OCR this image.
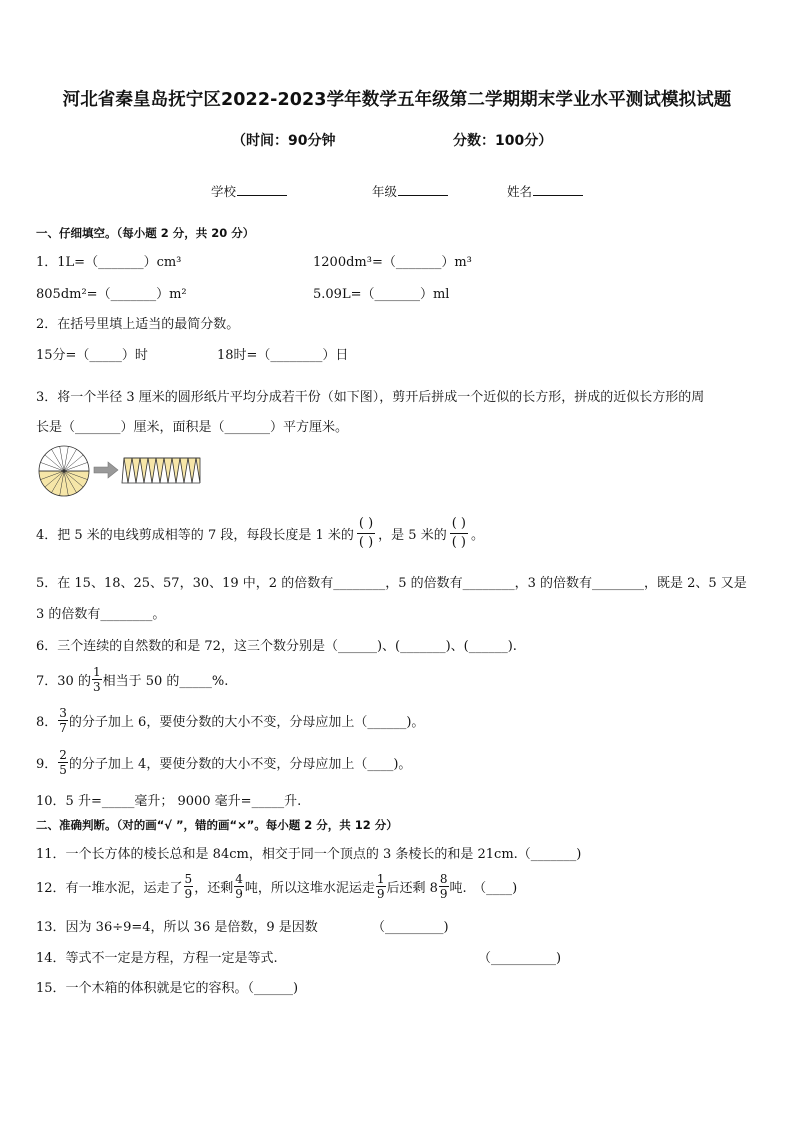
河北省秦皇岛抚宁区2022-2023学年数学五年级第二学期期末学业水平测试模拟试题
（时间：90分钟	分数：100分）
学校	年级	姓名
一、仔细填空。（每小题 2 分，共 20 分）
1．1L=（_______）cm³	1200dm³=（_______）m³
805dm²=（_______）m²	5.09L=（_______）ml
2．在括号里填上适当的最简分数。
15分=（_____）时	18时=（________）日
3．将一个半径 3 厘米的圆形纸片平均分成若干份（如下图），剪开后拼成一个近似的长方形，拼成的近似长方形的周
长是（_______）厘米，面积是（_______）平方厘米。
4．把 5 米的电线剪成相等的 7 段，每段长度是 1 米的
( )
( ) ，是 5 米的
( )
( ) 。
5．在 15、18、25、57，30、19 中，2 的倍数有________，5 的倍数有________，3 的倍数有________，既是 2、5 又是
3 的倍数有________。
6．三个连续的自然数的和是 72，这三个数分别是（______)、(_______)、(______).
7．30 的 $\frac{1}{3}$ 相当于 50 的_____%.
8． $\frac{3}{7}$ 的分子加上 6，要使分数的大小不变，分母应加上（______)。
9． $\frac{2}{5}$ 的分子加上 4，要使分数的大小不变，分母应加上（____)。
10．5 升=_____毫升； 9000 毫升=_____升.
二、准确判断。（对的画“√ ”，错的画“×”。每小题 2 分，共 12 分）
11．一个长方体的棱长总和是 84cm，相交于同一个顶点的 3 条棱长的和是 21cm.（_______)
12．有一堆水泥，运走了 $\frac{5}{9}$ ，还剩 $\frac{4}{9}$ 吨，所以这堆水泥运走 $\frac{1}{9}$ 后还剩 $8 \frac{8}{9}$ 吨.　（____)
13．因为 36÷9=4，所以 36 是倍数，9 是因数	（_________)
14．等式不一定是方程，方程一定是等式.	（__________)
15．一个木箱的体积就是它的容积。（______)
